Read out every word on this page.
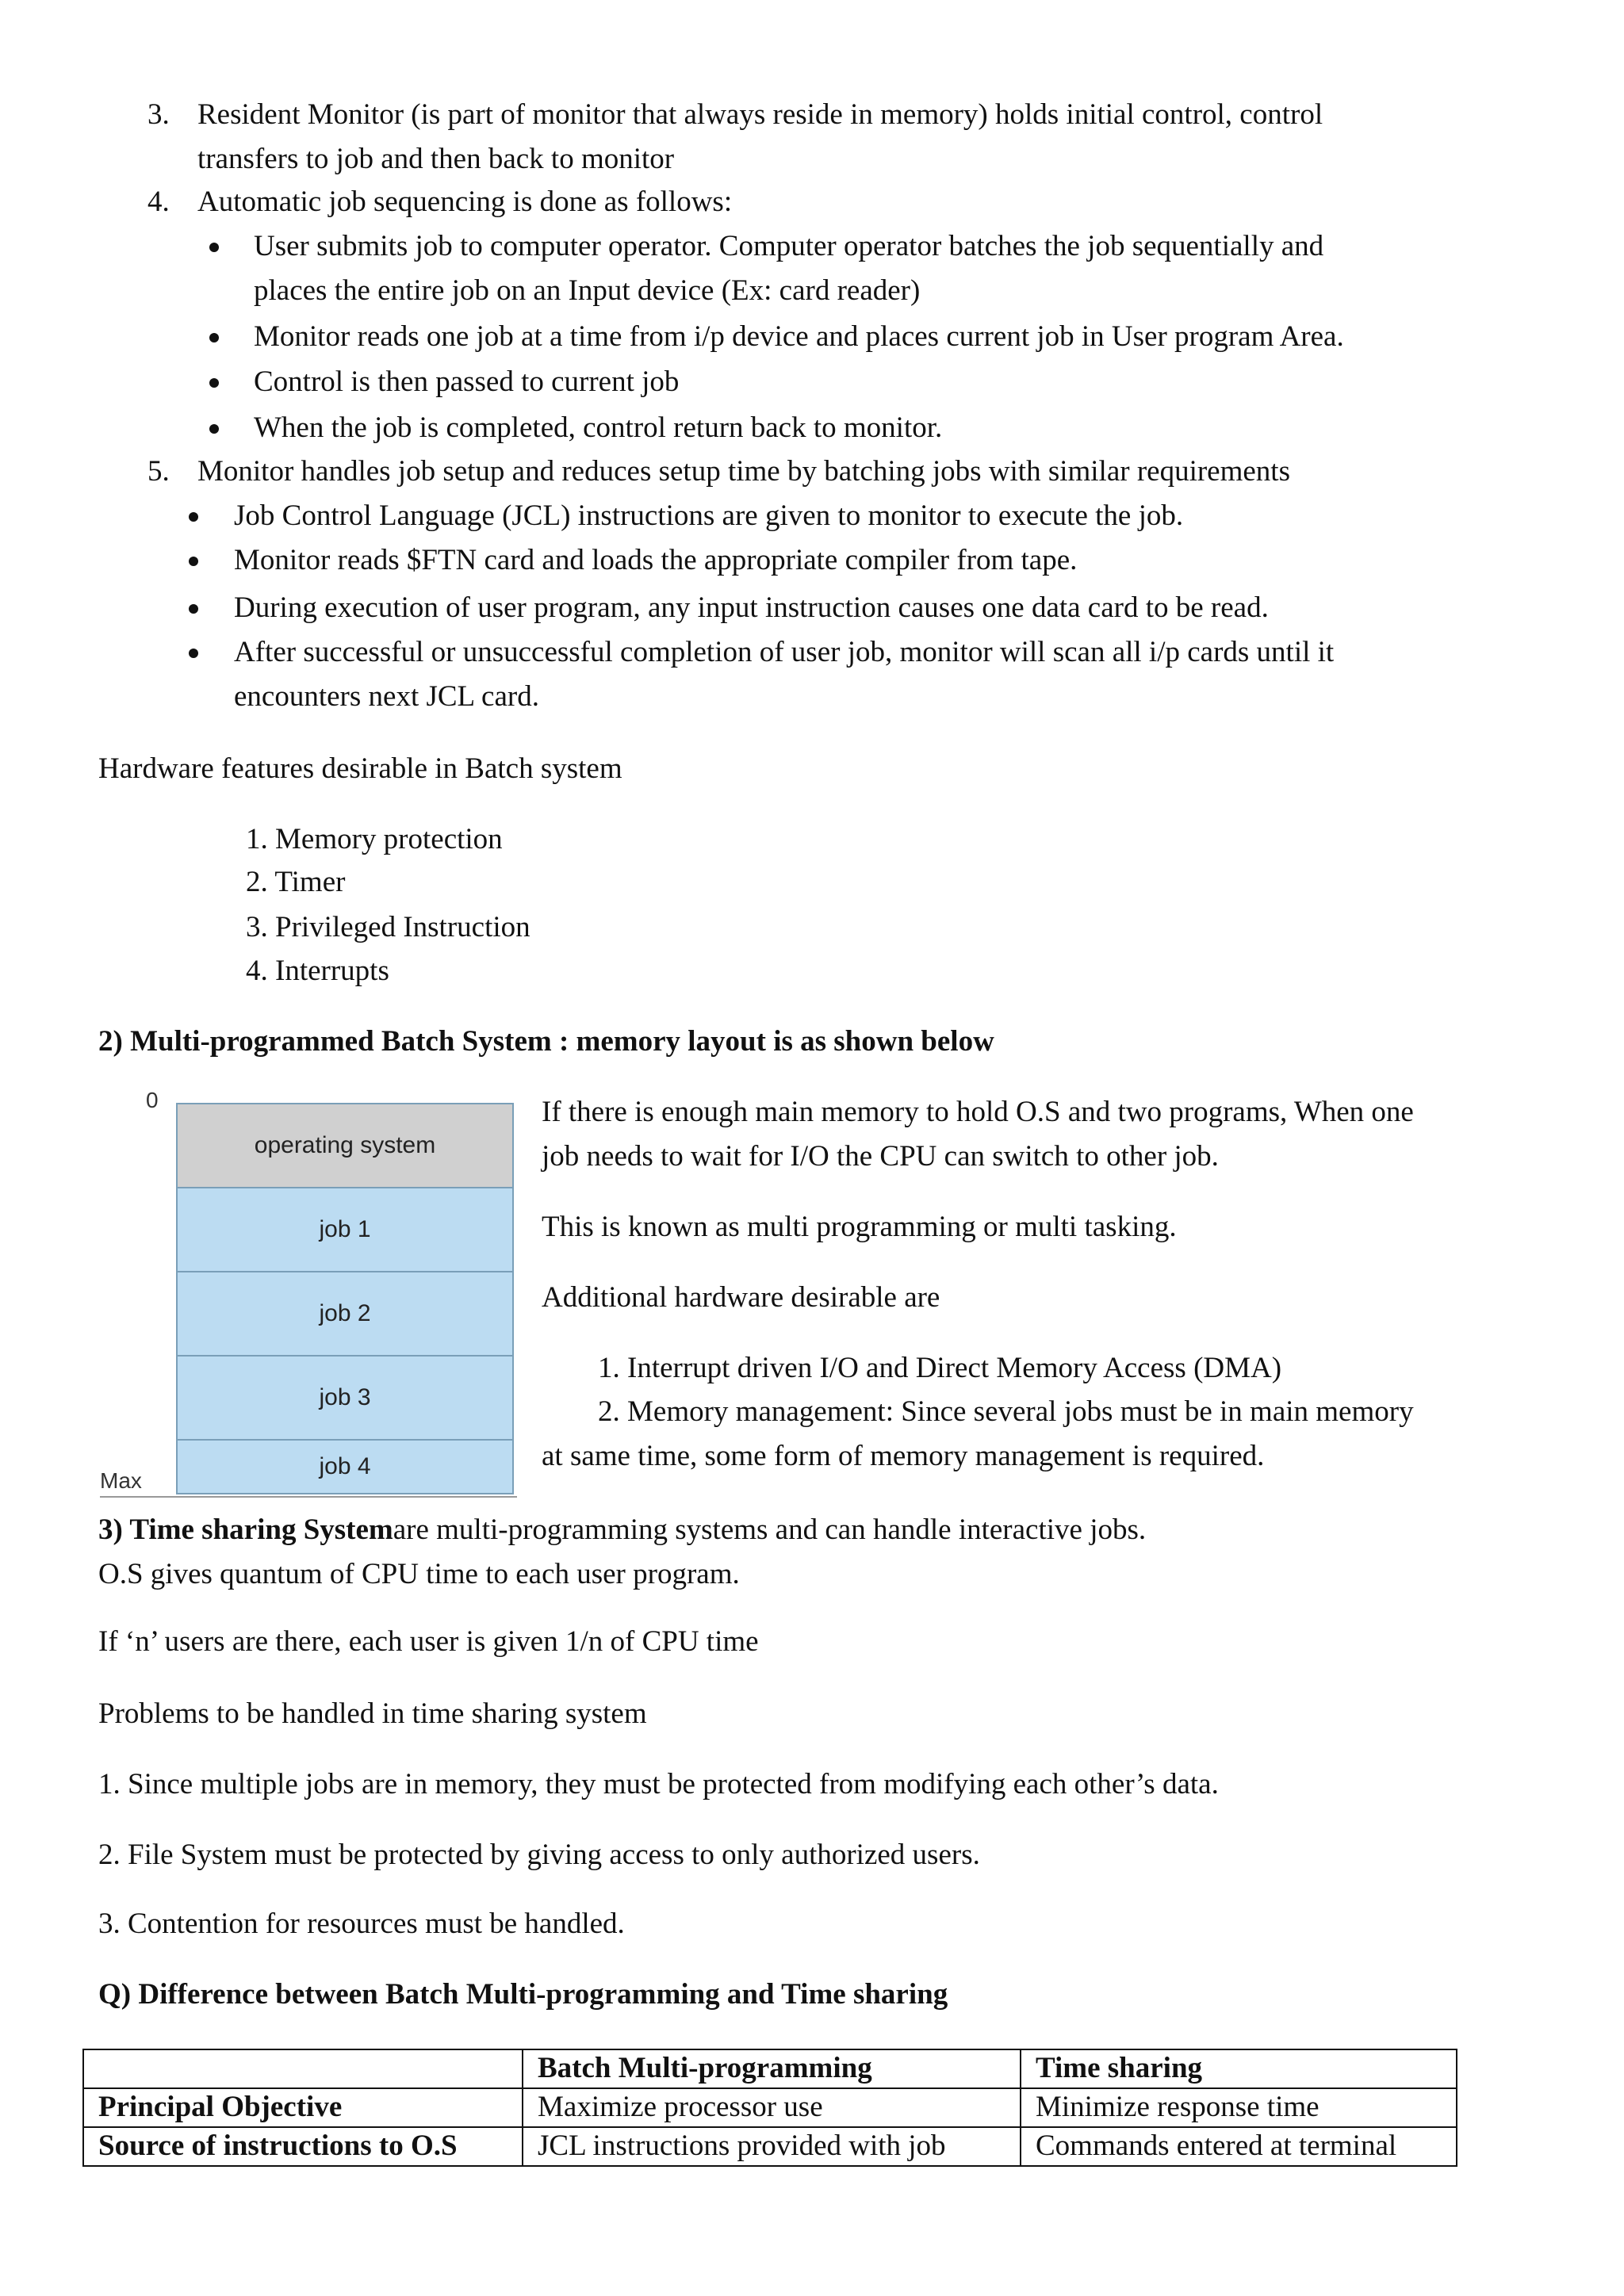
3. Resident Monitor (is part of monitor that always reside in memory) holds initial control, control
transfers to job and then back to monitor
4. Automatic job sequencing is done as follows:
User submits job to computer operator. Computer operator batches the job sequentially and
places the entire job on an Input device (Ex: card reader)
Monitor reads one job at a time from i/p device and places current job in User program Area.
Control is then passed to current job
When the job is completed, control return back to monitor.
5. Monitor handles job setup and reduces setup time by batching jobs with similar requirements
Job Control Language (JCL) instructions are given to monitor to execute the job.
Monitor reads $FTN card and loads the appropriate compiler from tape.
During execution of user program, any input instruction causes one data card to be read.
After successful or unsuccessful completion of user job, monitor will scan all i/p cards until it
encounters next JCL card.
Hardware features desirable in Batch system
1. Memory protection
2. Timer
3. Privileged Instruction
4. Interrupts
2) Multi-programmed Batch System : memory layout is as shown below
0
operating system
job 1
job 2
job 3
job 4
Max
If there is enough main memory to hold O.S and two programs, When one
job needs to wait for I/O the CPU can switch to other job.
This is known as multi programming or multi tasking.
Additional hardware desirable are
1. Interrupt driven I/O and Direct Memory Access (DMA)
2. Memory management: Since several jobs must be in main memory
at same time, some form of memory management is required.
3) Time sharing Systemare multi-programming systems and can handle interactive jobs.
O.S gives quantum of CPU time to each user program.
If ‘n’ users are there, each user is given 1/n of CPU time
Problems to be handled in time sharing system
1. Since multiple jobs are in memory, they must be protected from modifying each other’s data.
2. File System must be protected by giving access to only authorized users.
3. Contention for resources must be handled.
Q) Difference between Batch Multi-programming and Time sharing
	Batch Multi-programming	Time sharing
Principal Objective	Maximize processor use	Minimize response time
Source of instructions to O.S	JCL instructions provided with job	Commands entered at terminal
